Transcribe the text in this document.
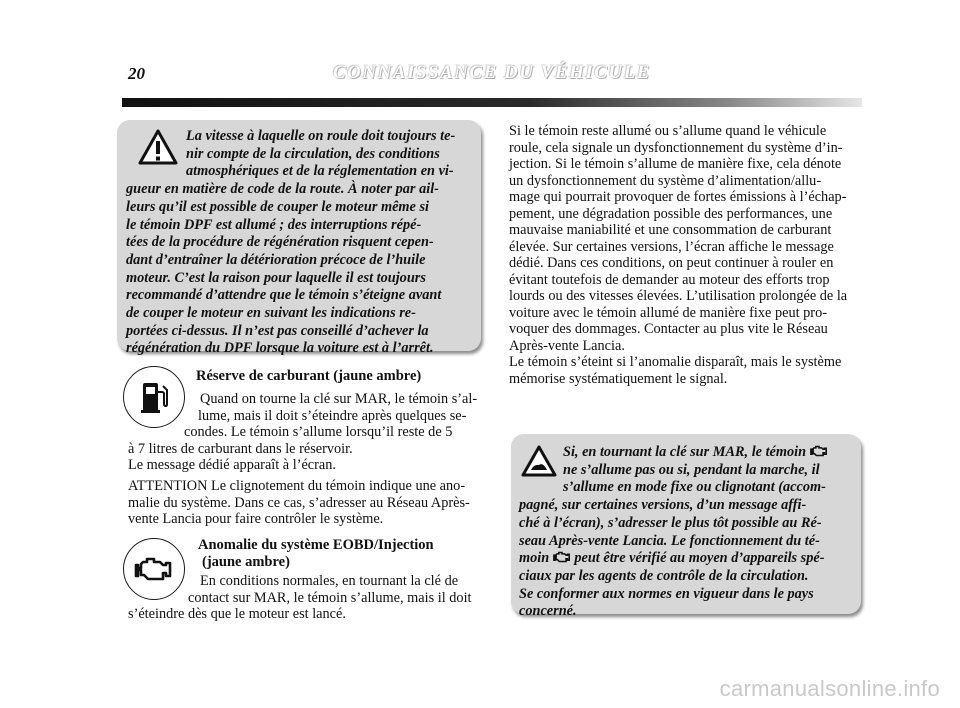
20	CONNAISSANCE DU VÉHICULE

La vitesse à laquelle on roule doit toujours te-

nir compte de la circulation, des conditions

atmosphériques et de la réglementation en vi-

gueur en matière de code de la route. À noter par ail-

leurs qu’il est possible de couper le moteur même si

le témoin DPF est allumé ; des interruptions répé-

tées de la procédure de régénération risquent cepen-

dant d’entraîner la détérioration précoce de l’huile

moteur. C’est la raison pour laquelle il est toujours

recommandé d’attendre que le témoin s’éteigne avant

de couper le moteur en suivant les indications re-

portées ci-dessus. Il n’est pas conseillé d’achever la

régénération du DPF lorsque la voiture est à l’arrêt.

Réserve de carburant (jaune ambre)

Quand on tourne la clé sur MAR, le témoin s’al-

lume, mais il doit s’éteindre après quelques se-

condes. Le témoin s’allume lorsqu’il reste de 5

à 7 litres de carburant dans le réservoir.

Le message dédié apparaît à l’écran.

ATTENTION Le clignotement du témoin indique une ano-

malie du système. Dans ce cas, s’adresser au Réseau Après-

vente Lancia pour faire contrôler le système.

Anomalie du système EOBD/Injection
(jaune ambre)

En conditions normales, en tournant la clé de

contact sur MAR, le témoin s’allume, mais il doit

s’éteindre dès que le moteur est lancé.

Si le témoin reste allumé ou s’allume quand le véhicule

roule, cela signale un dysfonctionnement du système d’in-

jection. Si le témoin s’allume de manière fixe, cela dénote

un dysfonctionnement du système d’alimentation/allu-

mage qui pourrait provoquer de fortes émissions à l’échap-

pement, une dégradation possible des performances, une

mauvaise maniabilité et une consommation de carburant

élevée. Sur certaines versions, l’écran affiche le message

dédié. Dans ces conditions, on peut continuer à rouler en

évitant toutefois de demander au moteur des efforts trop

lourds ou des vitesses élevées. L’utilisation prolongée de la

voiture avec le témoin allumé de manière fixe peut pro-

voquer des dommages. Contacter au plus vite le Réseau

Après-vente Lancia.

Le témoin s’éteint si l’anomalie disparaît, mais le système

mémorise systématiquement le signal.

Si, en tournant la clé sur MAR, le témoin

ne s’allume pas ou si, pendant la marche, il

s’allume en mode fixe ou clignotant (accom-

pagné, sur certaines versions, d’un message affi-

ché à l’écran), s’adresser le plus tôt possible au Ré-

seau Après-vente Lancia. Le fonctionnement du té-

moin peut être vérifié au moyen d’appareils spé-

ciaux par les agents de contrôle de la circulation.

Se conformer aux normes en vigueur dans le pays

concerné.

carmanualsonline.info
